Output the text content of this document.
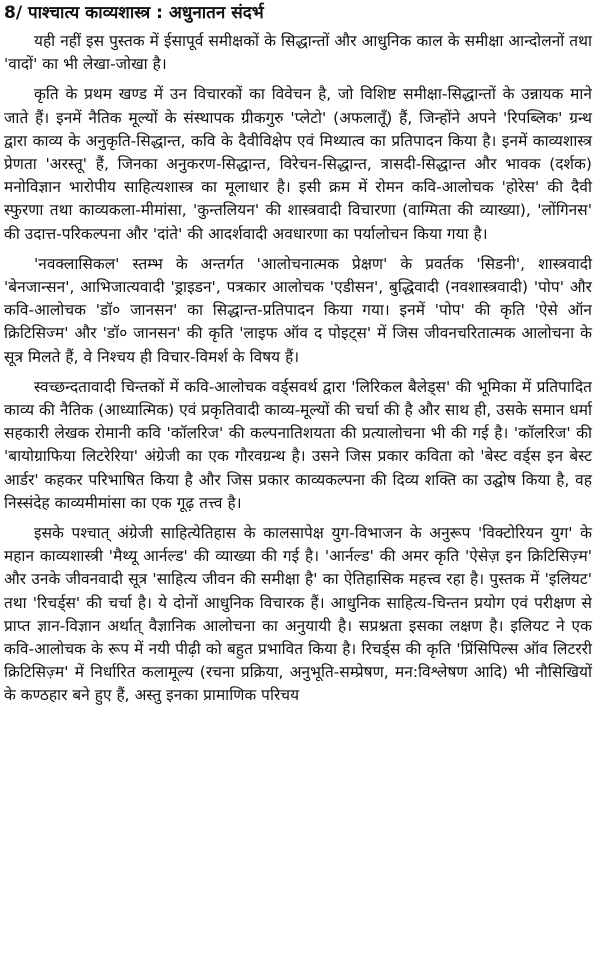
8/ पाश्चात्य काव्यशास्त्र : अधुनातन संदर्भ

यही नहीं इस पुस्तक में ईसापूर्व समीक्षकों के सिद्धान्तों और आधुनिक काल के समीक्षा आन्दोलनों तथा 'वादों' का भी लेखा-जोखा है।

कृति के प्रथम खण्ड में उन विचारकों का विवेचन है, जो विशिष्ट समीक्षा-सिद्धान्तों के उन्नायक माने जाते हैं। इनमें नैतिक मूल्यों के संस्थापक ग्रीकगुरु 'प्लेटो' (अफलातूँ) हैं, जिन्होंने अपने 'रिपब्लिक' ग्रन्थ द्वारा काव्य के अनुकृति-सिद्धान्त, कवि के दैवीविक्षेप एवं मिथ्यात्व का प्रतिपादन किया है। इनमें काव्यशास्त्र प्रेणता 'अरस्तू' हैं, जिनका अनुकरण-सिद्धान्त, विरेचन-सिद्धान्त, त्रासदी-सिद्धान्त और भावक (दर्शक) मनोविज्ञान भारोपीय साहित्यशास्त्र का मूलाधार है। इसी क्रम में रोमन कवि-आलोचक 'होरेस' की दैवी स्फुरणा तथा काव्यकला-मीमांसा, 'कुन्तलियन' की शास्त्रवादी विचारणा (वाग्मिता की व्याख्या), 'लोंगिनस' की उदात्त-परिकल्पना और 'दांते' की आदर्शवादी अवधारणा का पर्यालोचन किया गया है।

'नवक्लासिकल' स्तम्भ के अन्तर्गत 'आलोचनात्मक प्रेक्षण' के प्रवर्तक 'सिडनी', शास्त्रवादी 'बेनजान्सन', आभिजात्यवादी 'ड्राइडन', पत्रकार आलोचक 'एडीसन', बुद्धिवादी (नवशास्त्रवादी) 'पोप' और कवि-आलोचक 'डॉ० जानसन' का सिद्धान्त-प्रतिपादन किया गया। इनमें 'पोप' की कृति 'ऐसे ऑन क्रिटिसिज्म' और 'डॉ० जानसन' की कृति 'लाइफ ऑव द पोइट्स' में जिस जीवनचरितात्मक आलोचना के सूत्र मिलते हैं, वे निश्चय ही विचार-विमर्श के विषय हैं।

स्वच्छन्दतावादी चिन्तकों में कवि-आलोचक वर्ड्सवर्थ द्वारा 'लिरिकल बैलेड्स' की भूमिका में प्रतिपादित काव्य की नैतिक (आध्यात्मिक) एवं प्रकृतिवादी काव्य-मूल्यों की चर्चा की है और साथ ही, उसके समान धर्मा सहकारी लेखक रोमानी कवि 'कॉलरिज' की कल्पनातिशयता की प्रत्यालोचना भी की गई है। 'कॉलरिज' की 'बायोग्राफिया लिटरेरिया' अंग्रेजी का एक गौरवग्रन्थ है। उसने जिस प्रकार कविता को 'बेस्ट वर्ड्स इन बेस्ट आर्डर' कहकर परिभाषित किया है और जिस प्रकार काव्यकल्पना की दिव्य शक्ति का उद्घोष किया है, वह निस्संदेह काव्यमीमांसा का एक गूढ़ तत्त्व है।

इसके पश्चात् अंग्रेजी साहित्येतिहास के कालसापेक्ष युग-विभाजन के अनुरूप 'विक्टोरियन युग' के महान काव्यशास्त्री 'मैथ्यू आर्नल्ड' की व्याख्या की गई है। 'आर्नल्ड' की अमर कृति 'ऐसेज़ इन क्रिटिसिज़्म' और उनके जीवनवादी सूत्र 'साहित्य जीवन की समीक्षा है' का ऐतिहासिक महत्त्व रहा है। पुस्तक में 'इलियट' तथा 'रिचर्ड्स' की चर्चा है। ये दोनों आधुनिक विचारक हैं। आधुनिक साहित्य-चिन्तन प्रयोग एवं परीक्षण से प्राप्त ज्ञान-विज्ञान अर्थात् वैज्ञानिक आलोचना का अनुयायी है। सप्रश्नता इसका लक्षण है। इलियट ने एक कवि-आलोचक के रूप में नयी पीढ़ी को बहुत प्रभावित किया है। रिचर्ड्स की कृति 'प्रिंसिपिल्स ऑव लिटररी क्रिटिसिज़्म' में निर्धारित कलामूल्य (रचना प्रक्रिया, अनुभूति-सम्प्रेषण, मन:विश्लेषण आदि) भी नौसिखियों के कण्ठहार बने हुए हैं, अस्तु इनका प्रामाणिक परिचय
